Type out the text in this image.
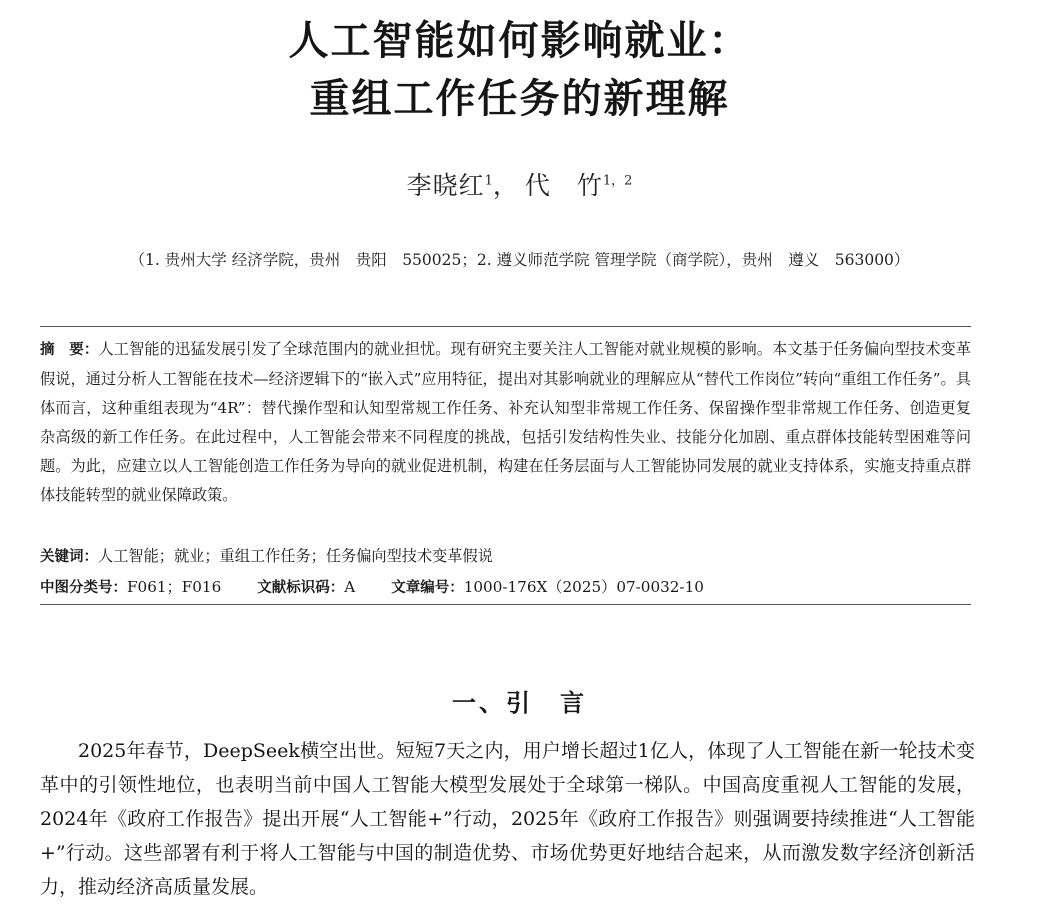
人工智能如何影响就业：
重组工作任务的新理解
李晓红$^1$， 代　竹$^{1,2}$
（1. 贵州大学 经济学院，贵州　贵阳　550025；2. 遵义师范学院 管理学院（商学院），贵州　遵义　563000）
摘　要：人工智能的迅猛发展引发了全球范围内的就业担忧。现有研究主要关注人工智能对就业规模的影响。本文基于任务偏向型技术变革假说，通过分析人工智能在技术—经济逻辑下的“嵌入式”应用特征，提出对其影响就业的理解应从“替代工作岗位”转向“重组工作任务”。具体而言，这种重组表现为“4R”：替代操作型和认知型常规工作任务、补充认知型非常规工作任务、保留操作型非常规工作任务、创造更复杂高级的新工作任务。在此过程中，人工智能会带来不同程度的挑战，包括引发结构性失业、技能分化加剧、重点群体技能转型困难等问题。为此，应建立以人工智能创造工作任务为导向的就业促进机制，构建在任务层面与人工智能协同发展的就业支持体系，实施支持重点群体技能转型的就业保障政策。
关键词：人工智能；就业；重组工作任务；任务偏向型技术变革假说
中图分类号：F061；F016 文献标识码：A 文章编号：1000-176X（2025）07-0032-10
一、引　言

2025年春节，DeepSeek横空出世。短短7天之内，用户增长超过1亿人，体现了人工智能在新一轮技术变革中的引领性地位，也表明当前中国人工智能大模型发展处于全球第一梯队。中国高度重视人工智能的发展，2024年《政府工作报告》提出开展“人工智能+”行动，2025年《政府工作报告》则强调要持续推进“人工智能+”行动。这些部署有利于将人工智能与中国的制造优势、市场优势更好地结合起来，从而激发数字经济创新活力，推动经济高质量发展。
